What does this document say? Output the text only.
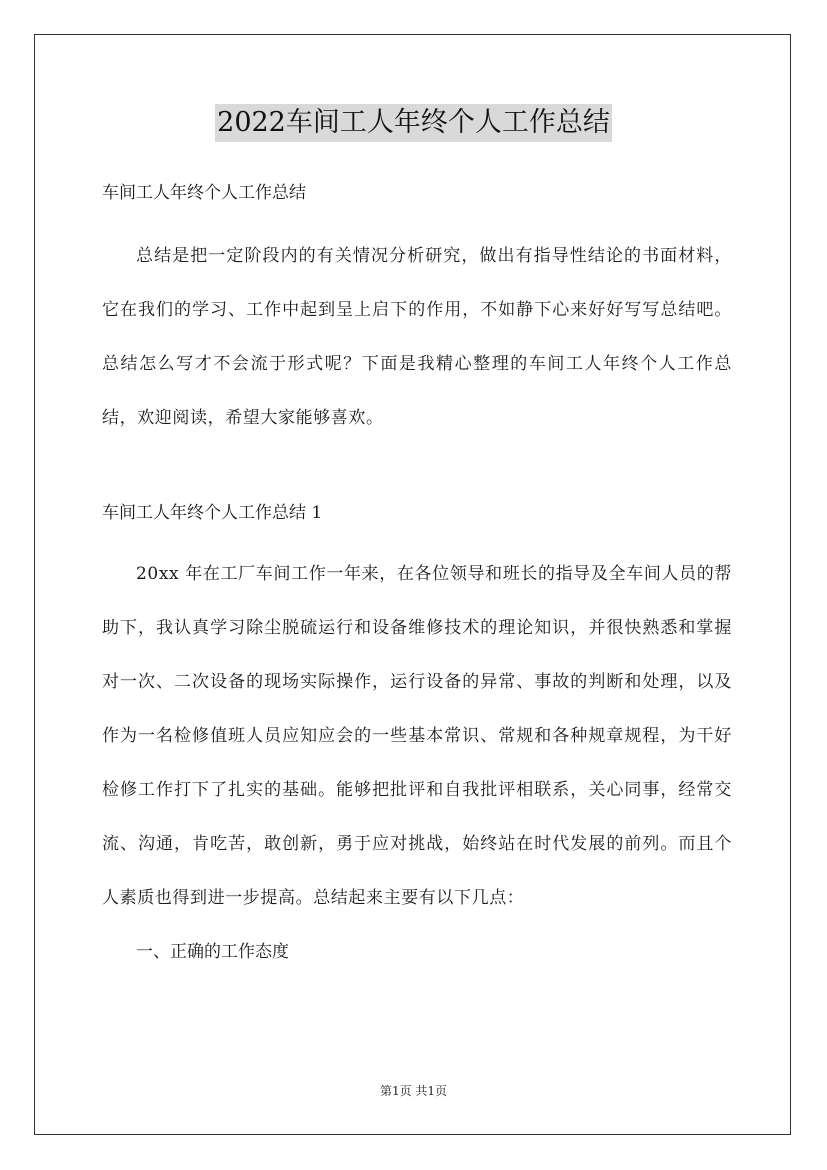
2022车间工人年终个人工作总结

车间工人年终个人工作总结

总结是把一定阶段内的有关情况分析研究，做出有指导性结论的书面材料，它在我们的学习、工作中起到呈上启下的作用，不如静下心来好好写写总结吧。总结怎么写才不会流于形式呢？下面是我精心整理的车间工人年终个人工作总结，欢迎阅读，希望大家能够喜欢。

车间工人年终个人工作总结 1

20xx 年在工厂车间工作一年来，在各位领导和班长的指导及全车间人员的帮助下，我认真学习除尘脱硫运行和设备维修技术的理论知识，并很快熟悉和掌握对一次、二次设备的现场实际操作，运行设备的异常、事故的判断和处理，以及作为一名检修值班人员应知应会的一些基本常识、常规和各种规章规程，为干好检修工作打下了扎实的基础。能够把批评和自我批评相联系，关心同事，经常交流、沟通，肯吃苦，敢创新，勇于应对挑战，始终站在时代发展的前列。而且个人素质也得到进一步提高。总结起来主要有以下几点：

一、正确的工作态度

第1页 共1页
